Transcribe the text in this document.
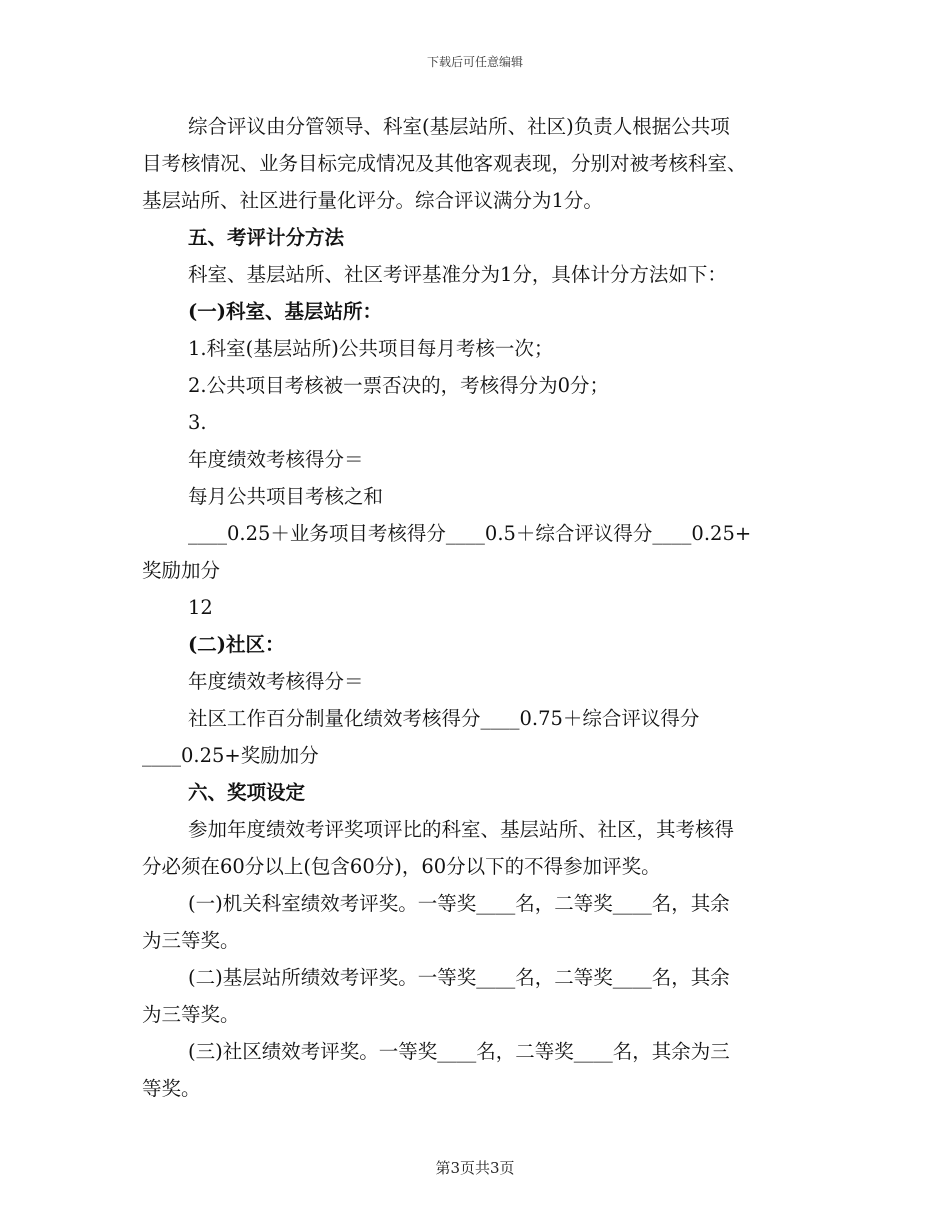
下载后可任意编辑
综合评议由分管领导、科室(基层站所、社区)负责人根据公共项
目考核情况、业务目标完成情况及其他客观表现，分别对被考核科室、
基层站所、社区进行量化评分。综合评议满分为1分。
五、考评计分方法
科室、基层站所、社区考评基准分为1分，具体计分方法如下：
(一)科室、基层站所：
1.科室(基层站所)公共项目每月考核一次；
2.公共项目考核被一票否决的，考核得分为0分；
3.
年度绩效考核得分＝
每月公共项目考核之和
____0.25＋业务项目考核得分____0.5＋综合评议得分____0.25+
奖励加分
12
(二)社区：
年度绩效考核得分＝
社区工作百分制量化绩效考核得分____0.75＋综合评议得分
____0.25+奖励加分
六、奖项设定
参加年度绩效考评奖项评比的科室、基层站所、社区，其考核得
分必须在60分以上(包含60分)，60分以下的不得参加评奖。
(一)机关科室绩效考评奖。一等奖____名，二等奖____名，其余
为三等奖。
(二)基层站所绩效考评奖。一等奖____名，二等奖____名，其余
为三等奖。
(三)社区绩效考评奖。一等奖____名，二等奖____名，其余为三
等奖。
第3页共3页
